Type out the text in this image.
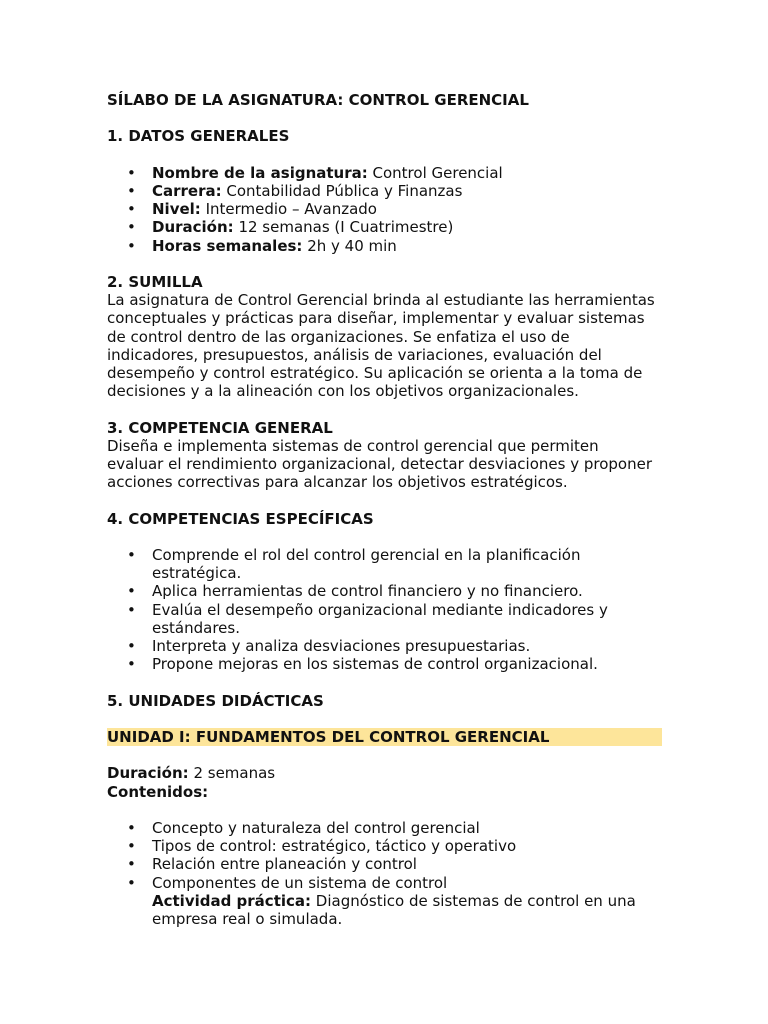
SÍLABO DE LA ASIGNATURA: CONTROL GERENCIAL
1. DATOS GENERALES
• Nombre de la asignatura: Control Gerencial
• Carrera: Contabilidad Pública y Finanzas
• Nivel: Intermedio – Avanzado
• Duración: 12 semanas (I Cuatrimestre)
• Horas semanales: 2h y 40 min
2. SUMILLA

La asignatura de Control Gerencial brinda al estudiante las herramientas
conceptuales y prácticas para diseñar, implementar y evaluar sistemas
de control dentro de las organizaciones. Se enfatiza el uso de
indicadores, presupuestos, análisis de variaciones, evaluación del
desempeño y control estratégico. Su aplicación se orienta a la toma de
decisiones y a la alineación con los objetivos organizacionales.

3. COMPETENCIA GENERAL

Diseña e implementa sistemas de control gerencial que permiten
evaluar el rendimiento organizacional, detectar desviaciones y proponer
acciones correctivas para alcanzar los objetivos estratégicos.

4. COMPETENCIAS ESPECÍFICAS
• Comprende el rol del control gerencial en la planificación
estratégica.
• Aplica herramientas de control financiero y no financiero.
• Evalúa el desempeño organizacional mediante indicadores y
estándares.
• Interpreta y analiza desviaciones presupuestarias.
• Propone mejoras en los sistemas de control organizacional.
5. UNIDADES DIDÁCTICAS
UNIDAD I: FUNDAMENTOS DEL CONTROL GERENCIAL

Duración: 2 semanas

Contenidos:

• Concepto y naturaleza del control gerencial
• Tipos de control: estratégico, táctico y operativo
• Relación entre planeación y control
• Componentes de un sistema de control
Actividad práctica: Diagnóstico de sistemas de control en una
empresa real o simulada.
